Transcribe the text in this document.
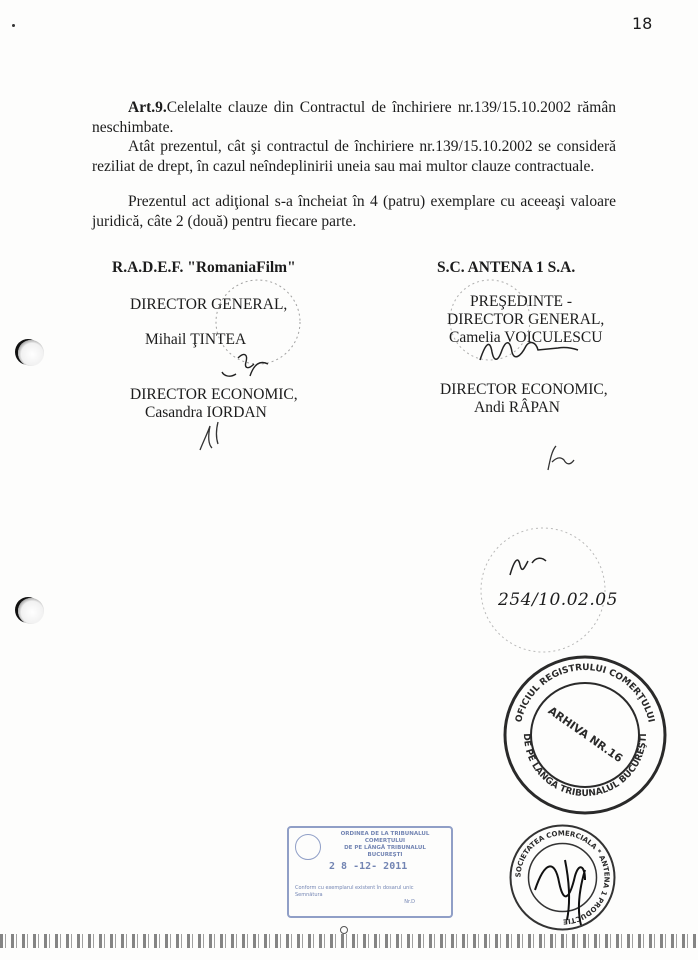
18
Art.9.Celelalte clauze din Contractul de închiriere nr.139/15.10.2002 rămân neschimbate.
Atât prezentul, cât şi contractul de închiriere nr.139/15.10.2002 se consideră reziliat de drept, în cazul neîndeplinirii uneia sau mai multor clauze contractuale.
Prezentul act adiţional s-a încheiat în 4 (patru) exemplare cu aceeaşi valoare juridică, câte 2 (două) pentru fiecare parte.
R.A.D.E.F. "RomaniaFilm"
DIRECTOR GENERAL,
Mihail ŢINTEA
DIRECTOR ECONOMIC,
Casandra IORDAN
S.C. ANTENA 1 S.A.
PREŞEDINTE -
DIRECTOR GENERAL,
Camelia VOICULESCU
DIRECTOR ECONOMIC,
Andi RÂPAN
254/10.02.05
OFICIUL REGISTRULUI COMERŢULUI
DE PE LÂNGĂ TRIBUNALUL BUCUREŞTI
ARHIVA NR.16
ORDINEA DE LA TRIBUNALUL COMERŢULUI
DE PE LÂNGĂ TRIBUNALUL
BUCUREŞTI
2 8 -12- 2011
Conform cu exemplarul existent în dosarul unic
Semnătura
Nr.D
SOCIETATEA COMERCIALA * ANTENA 1 PRODUCTIE
